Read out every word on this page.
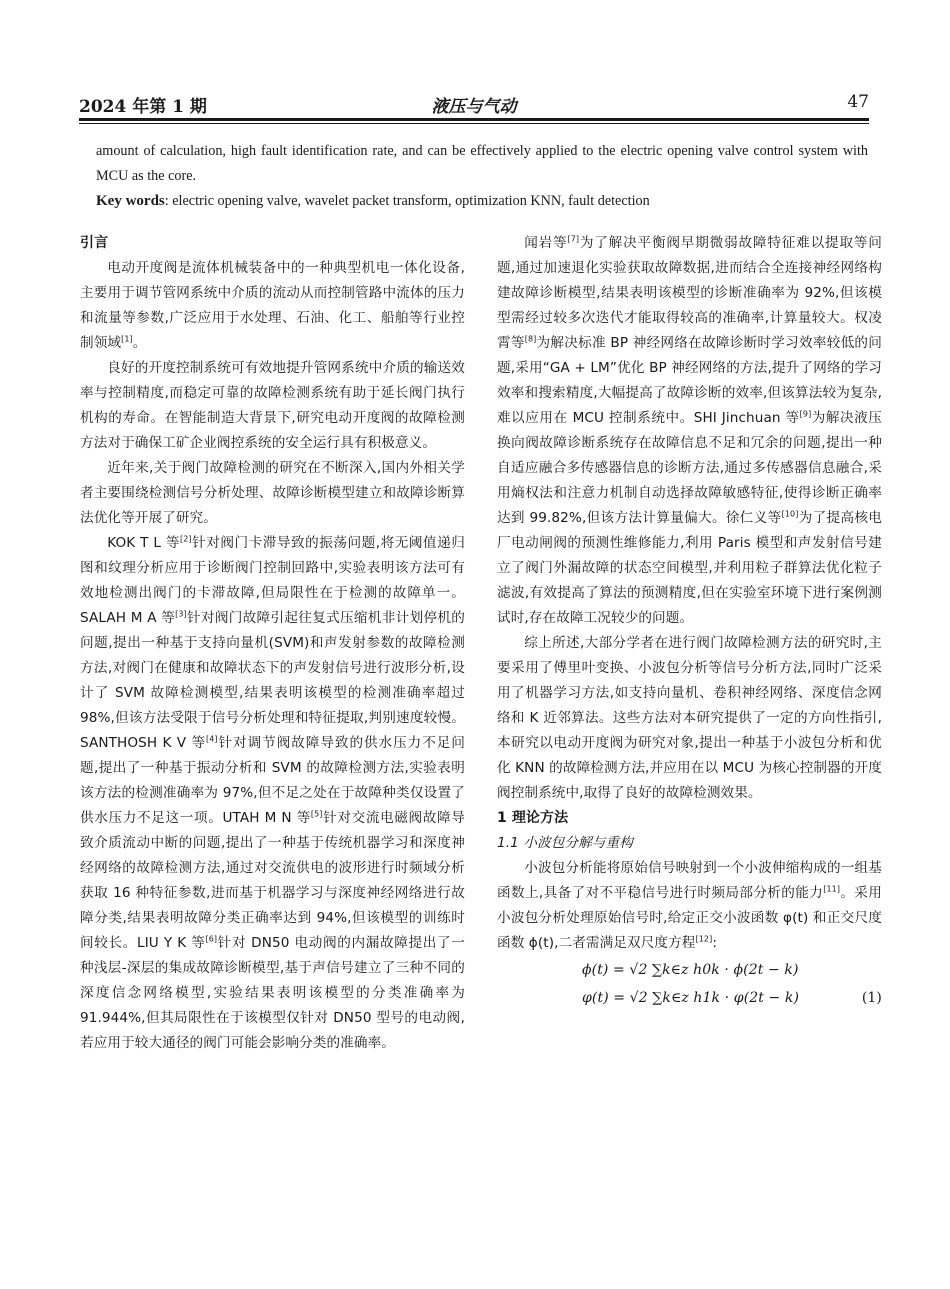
2024 年第 1 期	液压与气动	47
amount of calculation, high fault identification rate, and can be effectively applied to the electric opening valve control system with MCU as the core.
Key words: electric opening valve, wavelet packet transform, optimization KNN, fault detection
引言

电动开度阀是流体机械装备中的一种典型机电一体化设备,主要用于调节管网系统中介质的流动从而控制管路中流体的压力和流量等参数,广泛应用于水处理、石油、化工、船舶等行业控制领域[1]。

良好的开度控制系统可有效地提升管网系统中介质的输送效率与控制精度,而稳定可靠的故障检测系统有助于延长阀门执行机构的寿命。在智能制造大背景下,研究电动开度阀的故障检测方法对于确保工矿企业阀控系统的安全运行具有积极意义。

近年来,关于阀门故障检测的研究在不断深入,国内外相关学者主要围绕检测信号分析处理、故障诊断模型建立和故障诊断算法优化等开展了研究。

KOK T L 等[2]针对阀门卡滞导致的振荡问题,将无阈值递归图和纹理分析应用于诊断阀门控制回路中,实验表明该方法可有效地检测出阀门的卡滞故障,但局限性在于检测的故障单一。SALAH M A 等[3]针对阀门故障引起往复式压缩机非计划停机的问题,提出一种基于支持向量机(SVM)和声发射参数的故障检测方法,对阀门在健康和故障状态下的声发射信号进行波形分析,设计了 SVM 故障检测模型,结果表明该模型的检测准确率超过 98%,但该方法受限于信号分析处理和特征提取,判别速度较慢。SANTHOSH K V 等[4]针对调节阀故障导致的供水压力不足问题,提出了一种基于振动分析和 SVM 的故障检测方法,实验表明该方法的检测准确率为 97%,但不足之处在于故障种类仅设置了供水压力不足这一项。UTAH M N 等[5]针对交流电磁阀故障导致介质流动中断的问题,提出了一种基于传统机器学习和深度神经网络的故障检测方法,通过对交流供电的波形进行时频域分析获取 16 种特征参数,进而基于机器学习与深度神经网络进行故障分类,结果表明故障分类正确率达到 94%,但该模型的训练时间较长。LIU Y K 等[6]针对 DN50 电动阀的内漏故障提出了一种浅层-深层的集成故障诊断模型,基于声信号建立了三种不同的深度信念网络模型,实验结果表明该模型的分类准确率为 91.944%,但其局限性在于该模型仅针对 DN50 型号的电动阀,若应用于较大通径的阀门可能会影响分类的准确率。

闻岩等[7]为了解决平衡阀早期微弱故障特征难以提取等问题,通过加速退化实验获取故障数据,进而结合全连接神经网络构建故障诊断模型,结果表明该模型的诊断准确率为 92%,但该模型需经过较多次迭代才能取得较高的准确率,计算量较大。权凌霄等[8]为解决标准 BP 神经网络在故障诊断时学习效率较低的问题,采用“GA + LM”优化 BP 神经网络的方法,提升了网络的学习效率和搜索精度,大幅提高了故障诊断的效率,但该算法较为复杂,难以应用在 MCU 控制系统中。SHI Jinchuan 等[9]为解决液压换向阀故障诊断系统存在故障信息不足和冗余的问题,提出一种自适应融合多传感器信息的诊断方法,通过多传感器信息融合,采用熵权法和注意力机制自动选择故障敏感特征,使得诊断正确率达到 99.82%,但该方法计算量偏大。徐仁义等[10]为了提高核电厂电动闸阀的预测性维修能力,利用 Paris 模型和声发射信号建立了阀门外漏故障的状态空间模型,并利用粒子群算法优化粒子滤波,有效提高了算法的预测精度,但在实验室环境下进行案例测试时,存在故障工况较少的问题。

综上所述,大部分学者在进行阀门故障检测方法的研究时,主要采用了傅里叶变换、小波包分析等信号分析方法,同时广泛采用了机器学习方法,如支持向量机、卷积神经网络、深度信念网络和 K 近邻算法。这些方法对本研究提供了一定的方向性指引,本研究以电动开度阀为研究对象,提出一种基于小波包分析和优化 KNN 的故障检测方法,并应用在以 MCU 为核心控制器的开度阀控制系统中,取得了良好的故障检测效果。

1 理论方法
1.1 小波包分解与重构

小波包分析能将原始信号映射到一个小波伸缩构成的一组基函数上,具备了对不平稳信号进行时频局部分析的能力[11]。采用小波包分析处理原始信号时,给定正交小波函数 φ(t) 和正交尺度函数 ϕ(t),二者需满足双尺度方程[12]:

ϕ(t) = √2 ∑k∈z h0k · ϕ(2t − k)
φ(t) = √2 ∑k∈z h1k · φ(2t − k)	(1)
